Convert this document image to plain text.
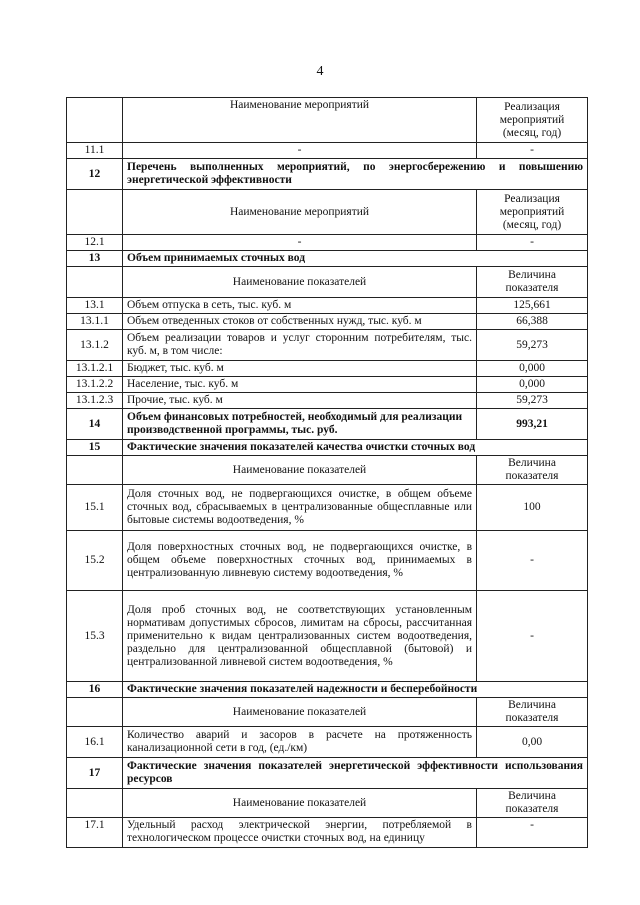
4
	Наименование мероприятий	Реализация мероприятий (месяц, год)
11.1	-	-
12	Перечень выполненных мероприятий, по энергосбережению и повышению энергетической эффективности	
	Наименование мероприятий	Реализация мероприятий (месяц, год)
12.1	-	-
13	Объем принимаемых сточных вод	
	Наименование показателей	Величина показателя
13.1	Объем отпуска в сеть, тыс. куб. м	125,661
13.1.1	Объем отведенных стоков от собственных нужд, тыс. куб. м	66,388
13.1.2	Объем реализации товаров и услуг сторонним потребителям, тыс. куб. м, в том числе:	59,273
13.1.2.1	Бюджет, тыс. куб. м	0,000
13.1.2.2	Население, тыс. куб. м	0,000
13.1.2.3	Прочие, тыс. куб. м	59,273
14	Объем финансовых потребностей, необходимый для реализации производственной программы, тыс. руб.	993,21
15	Фактические значения показателей качества очистки сточных вод	
	Наименование показателей	Величина показателя
15.1	Доля сточных вод, не подвергающихся очистке, в общем объеме сточных вод, сбрасываемых в централизованные общесплавные или бытовые системы водоотведения, %	100
15.2	Доля поверхностных сточных вод, не подвергающихся очистке, в общем объеме поверхностных сточных вод, принимаемых в централизованную ливневую систему водоотведения, %	-
15.3	Доля проб сточных вод, не соответствующих установленным нормативам допустимых сбросов, лимитам на сбросы, рассчитанная применительно к видам централизованных систем водоотведения, раздельно для централизованной общесплавной (бытовой) и централизованной ливневой систем водоотведения, %	-
16	Фактические значения показателей надежности и бесперебойности	
	Наименование показателей	Величина показателя
16.1	Количество аварий и засоров в расчете на протяженность канализационной сети в год, (ед./км)	0,00
17	Фактические значения показателей энергетической эффективности использования ресурсов	
	Наименование показателей	Величина показателя
17.1	Удельный расход электрической энергии, потребляемой в технологическом процессе очистки сточных вод, на единицу	-
